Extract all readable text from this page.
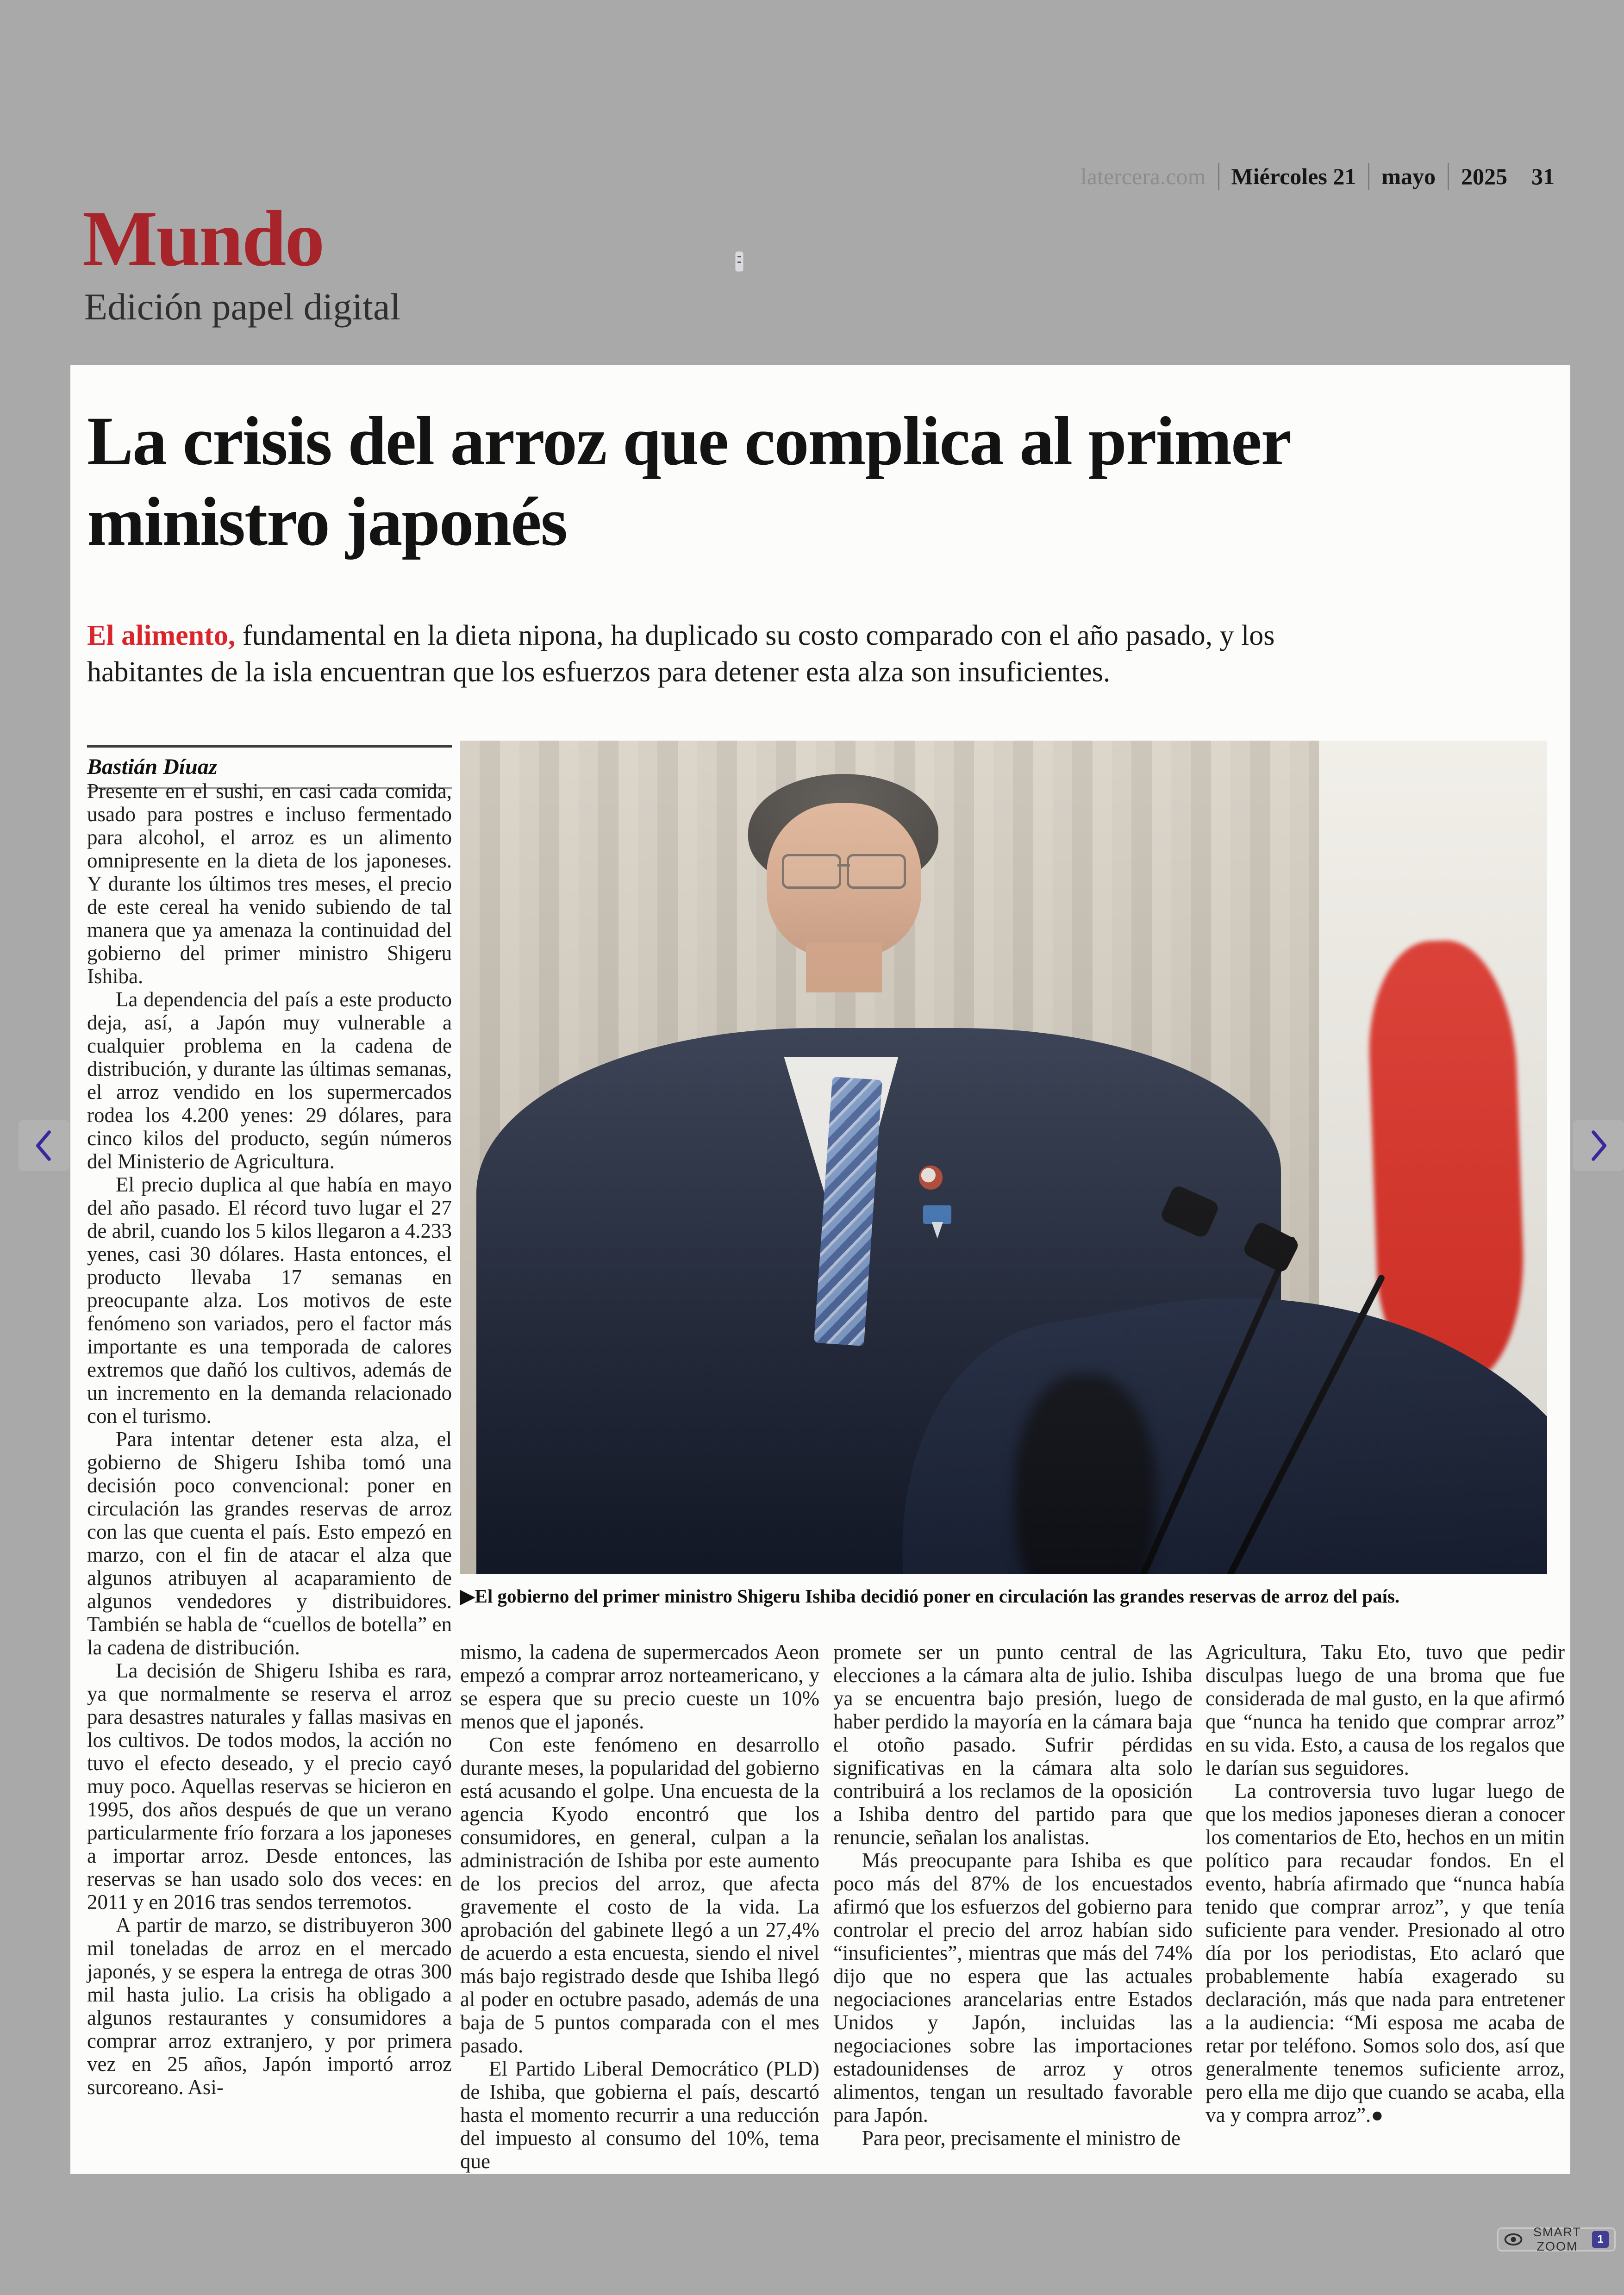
latercera.com Miércoles 21 mayo 2025 31
Mundo
Edición papel digital
La crisis del arroz que complica al primer ministro japonés
El alimento, fundamental en la dieta nipona, ha duplicado su costo comparado con el año pasado, y los habitantes de la isla encuentran que los esfuerzos para detener esta alza son insuficientes.
Bastián Díuaz

Presente en el sushi, en casi cada comida, usado para postres e incluso fermentado para alcohol, el arroz es un alimento omnipresente en la dieta de los japoneses. Y durante los últimos tres meses, el precio de este cereal ha venido subiendo de tal manera que ya amenaza la continuidad del gobierno del primer ministro Shigeru Ishiba.

La dependencia del país a este producto deja, así, a Japón muy vulnerable a cualquier problema en la cadena de distribución, y durante las últimas semanas, el arroz vendido en los supermercados rodea los 4.200 yenes: 29 dólares, para cinco kilos del producto, según números del Ministerio de Agricultura.

El precio duplica al que había en mayo del año pasado. El récord tuvo lugar el 27 de abril, cuando los 5 kilos llegaron a 4.233 yenes, casi 30 dólares. Hasta entonces, el producto llevaba 17 semanas en preocupante alza. Los motivos de este fenómeno son variados, pero el factor más importante es una temporada de calores extremos que dañó los cultivos, además de un incremento en la demanda relacionado con el turismo.

Para intentar detener esta alza, el gobierno de Shigeru Ishiba tomó una decisión poco convencional: poner en circulación las grandes reservas de arroz con las que cuenta el país. Esto empezó en marzo, con el fin de atacar el alza que algunos atribuyen al acaparamiento de algunos vendedores y distribuidores. También se habla de “cuellos de botella” en la cadena de distribución.

La decisión de Shigeru Ishiba es rara, ya que normalmente se reserva el arroz para desastres naturales y fallas masivas en los cultivos. De todos modos, la acción no tuvo el efecto deseado, y el precio cayó muy poco. Aquellas reservas se hicieron en 1995, dos años después de que un verano particularmente frío forzara a los japoneses a importar arroz. Desde entonces, las reservas se han usado solo dos veces: en 2011 y en 2016 tras sendos terremotos.

A partir de marzo, se distribuyeron 300 mil toneladas de arroz en el mercado japonés, y se espera la entrega de otras 300 mil hasta julio. La crisis ha obligado a algunos restaurantes y consumidores a comprar arroz extranjero, y por primera vez en 25 años, Japón importó arroz surcoreano. Asi-

▶El gobierno del primer ministro Shigeru Ishiba decidió poner en circulación las grandes reservas de arroz del país.

mismo, la cadena de supermercados Aeon empezó a comprar arroz norteamericano, y se espera que su precio cueste un 10% menos que el japonés.

Con este fenómeno en desarrollo durante meses, la popularidad del gobierno está acusando el golpe. Una encuesta de la agencia Kyodo encontró que los consumidores, en general, culpan a la administración de Ishiba por este aumento de los precios del arroz, que afecta gravemente el costo de la vida. La aprobación del gabinete llegó a un 27,4% de acuerdo a esta encuesta, siendo el nivel más bajo registrado desde que Ishiba llegó al poder en octubre pasado, además de una baja de 5 puntos comparada con el mes pasado.

El Partido Liberal Democrático (PLD) de Ishiba, que gobierna el país, descartó hasta el momento recurrir a una reducción del impuesto al consumo del 10%, tema que

promete ser un punto central de las elecciones a la cámara alta de julio. Ishiba ya se encuentra bajo presión, luego de haber perdido la mayoría en la cámara baja el otoño pasado. Sufrir pérdidas significativas en la cámara alta solo contribuirá a los reclamos de la oposición a Ishiba dentro del partido para que renuncie, señalan los analistas.

Más preocupante para Ishiba es que poco más del 87% de los encuestados afirmó que los esfuerzos del gobierno para controlar el precio del arroz habían sido “insuficientes”, mientras que más del 74% dijo que no espera que las actuales negociaciones arancelarias entre Estados Unidos y Japón, incluidas las negociaciones sobre las importaciones estadounidenses de arroz y otros alimentos, tengan un resultado favorable para Japón.

Para peor, precisamente el ministro de

Agricultura, Taku Eto, tuvo que pedir disculpas luego de una broma que fue considerada de mal gusto, en la que afirmó que “nunca ha tenido que comprar arroz” en su vida. Esto, a causa de los regalos que le darían sus seguidores.

La controversia tuvo lugar luego de que los medios japoneses dieran a conocer los comentarios de Eto, hechos en un mitin político para recaudar fondos. En el evento, habría afirmado que “nunca había tenido que comprar arroz”, y que tenía suficiente para vender. Presionado al otro día por los periodistas, Eto aclaró que probablemente había exagerado su declaración, más que nada para entretener a la audiencia: “Mi esposa me acaba de retar por teléfono. Somos solo dos, así que generalmente tenemos suficiente arroz, pero ella me dijo que cuando se acaba, ella va y compra arroz”.●

SMART ZOOM
1
